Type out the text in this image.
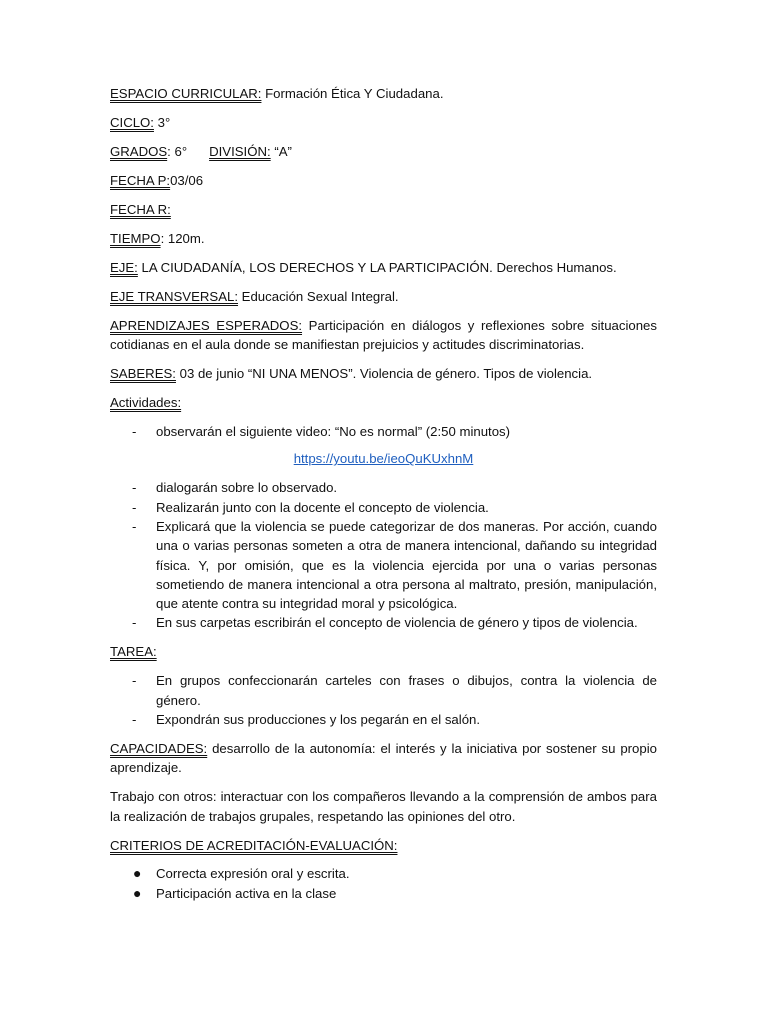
ESPACIO CURRICULAR: Formación Ética Y Ciudadana.

CICLO: 3°

GRADOS: 6° DIVISIÓN: “A”

FECHA P:03/06

FECHA R:

TIEMPO: 120m.

EJE: LA CIUDADANÍA, LOS DERECHOS Y LA PARTICIPACIÓN. Derechos Humanos.

EJE TRANSVERSAL: Educación Sexual Integral.

APRENDIZAJES ESPERADOS: Participación en diálogos y reflexiones sobre situaciones cotidianas en el aula donde se manifiestan prejuicios y actitudes discriminatorias.

SABERES: 03 de junio “NI UNA MENOS”. Violencia de género. Tipos de violencia.

Actividades:

- observarán el siguiente video: “No es normal” (2:50 minutos)

https://youtu.be/ieoQuKUxhnM

- dialogarán sobre lo observado.
- Realizarán junto con la docente el concepto de violencia.
- Explicará que la violencia se puede categorizar de dos maneras. Por acción, cuando una o varias personas someten a otra de manera intencional, dañando su integridad física. Y, por omisión, que es la violencia ejercida por una o varias personas sometiendo de manera intencional a otra persona al maltrato, presión, manipulación, que atente contra su integridad moral y psicológica.
- En sus carpetas escribirán el concepto de violencia de género y tipos de violencia.

TAREA:

- En grupos confeccionarán carteles con frases o dibujos, contra la violencia de género.
- Expondrán sus producciones y los pegarán en el salón.

CAPACIDADES: desarrollo de la autonomía: el interés y la iniciativa por sostener su propio aprendizaje.

Trabajo con otros: interactuar con los compañeros llevando a la comprensión de ambos para la realización de trabajos grupales, respetando las opiniones del otro.

CRITERIOS DE ACREDITACIÓN-EVALUACIÓN:

● Correcta expresión oral y escrita.
● Participación activa en la clase
